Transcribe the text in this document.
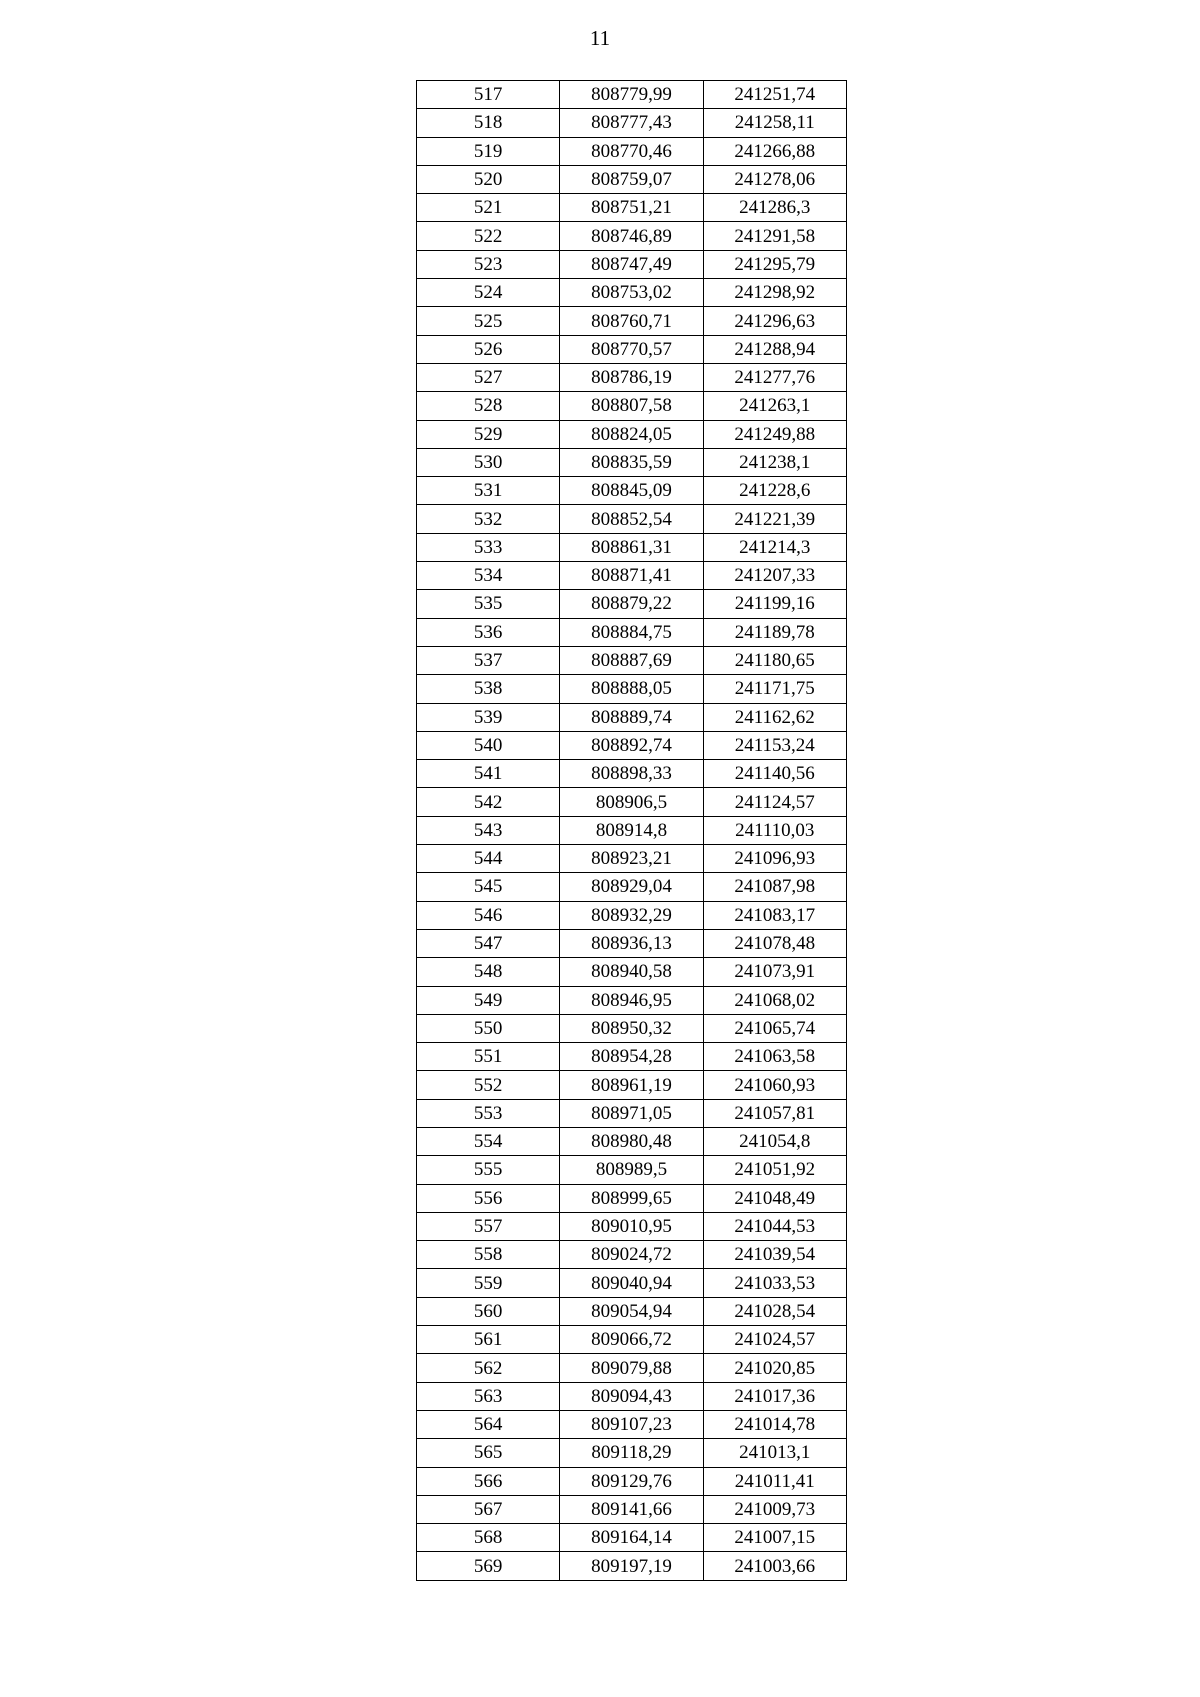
11
517	808779,99	241251,74
518	808777,43	241258,11
519	808770,46	241266,88
520	808759,07	241278,06
521	808751,21	241286,3
522	808746,89	241291,58
523	808747,49	241295,79
524	808753,02	241298,92
525	808760,71	241296,63
526	808770,57	241288,94
527	808786,19	241277,76
528	808807,58	241263,1
529	808824,05	241249,88
530	808835,59	241238,1
531	808845,09	241228,6
532	808852,54	241221,39
533	808861,31	241214,3
534	808871,41	241207,33
535	808879,22	241199,16
536	808884,75	241189,78
537	808887,69	241180,65
538	808888,05	241171,75
539	808889,74	241162,62
540	808892,74	241153,24
541	808898,33	241140,56
542	808906,5	241124,57
543	808914,8	241110,03
544	808923,21	241096,93
545	808929,04	241087,98
546	808932,29	241083,17
547	808936,13	241078,48
548	808940,58	241073,91
549	808946,95	241068,02
550	808950,32	241065,74
551	808954,28	241063,58
552	808961,19	241060,93
553	808971,05	241057,81
554	808980,48	241054,8
555	808989,5	241051,92
556	808999,65	241048,49
557	809010,95	241044,53
558	809024,72	241039,54
559	809040,94	241033,53
560	809054,94	241028,54
561	809066,72	241024,57
562	809079,88	241020,85
563	809094,43	241017,36
564	809107,23	241014,78
565	809118,29	241013,1
566	809129,76	241011,41
567	809141,66	241009,73
568	809164,14	241007,15
569	809197,19	241003,66
